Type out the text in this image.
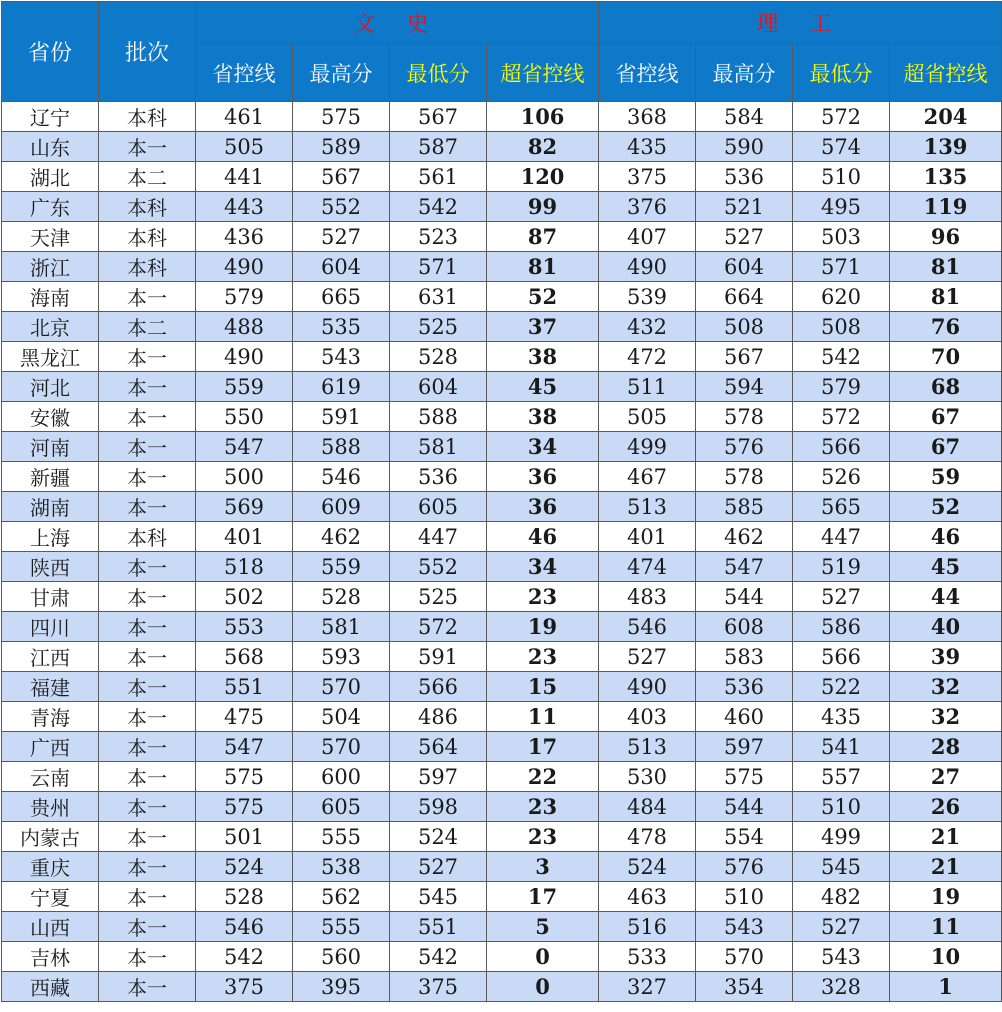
省份	批次	文 史				理 工			
		省控线	最高分	最低分	超省控线	省控线	最高分	最低分	超省控线
辽宁	本科	461	575	567	106	368	584	572	204
山东	本一	505	589	587	82	435	590	574	139
湖北	本二	441	567	561	120	375	536	510	135
广东	本科	443	552	542	99	376	521	495	119
天津	本科	436	527	523	87	407	527	503	96
浙江	本科	490	604	571	81	490	604	571	81
海南	本一	579	665	631	52	539	664	620	81
北京	本二	488	535	525	37	432	508	508	76
黑龙江	本一	490	543	528	38	472	567	542	70
河北	本一	559	619	604	45	511	594	579	68
安徽	本一	550	591	588	38	505	578	572	67
河南	本一	547	588	581	34	499	576	566	67
新疆	本一	500	546	536	36	467	578	526	59
湖南	本一	569	609	605	36	513	585	565	52
上海	本科	401	462	447	46	401	462	447	46
陕西	本一	518	559	552	34	474	547	519	45
甘肃	本一	502	528	525	23	483	544	527	44
四川	本一	553	581	572	19	546	608	586	40
江西	本一	568	593	591	23	527	583	566	39
福建	本一	551	570	566	15	490	536	522	32
青海	本一	475	504	486	11	403	460	435	32
广西	本一	547	570	564	17	513	597	541	28
云南	本一	575	600	597	22	530	575	557	27
贵州	本一	575	605	598	23	484	544	510	26
内蒙古	本一	501	555	524	23	478	554	499	21
重庆	本一	524	538	527	3	524	576	545	21
宁夏	本一	528	562	545	17	463	510	482	19
山西	本一	546	555	551	5	516	543	527	11
吉林	本一	542	560	542	0	533	570	543	10
西藏	本一	375	395	375	0	327	354	328	1
